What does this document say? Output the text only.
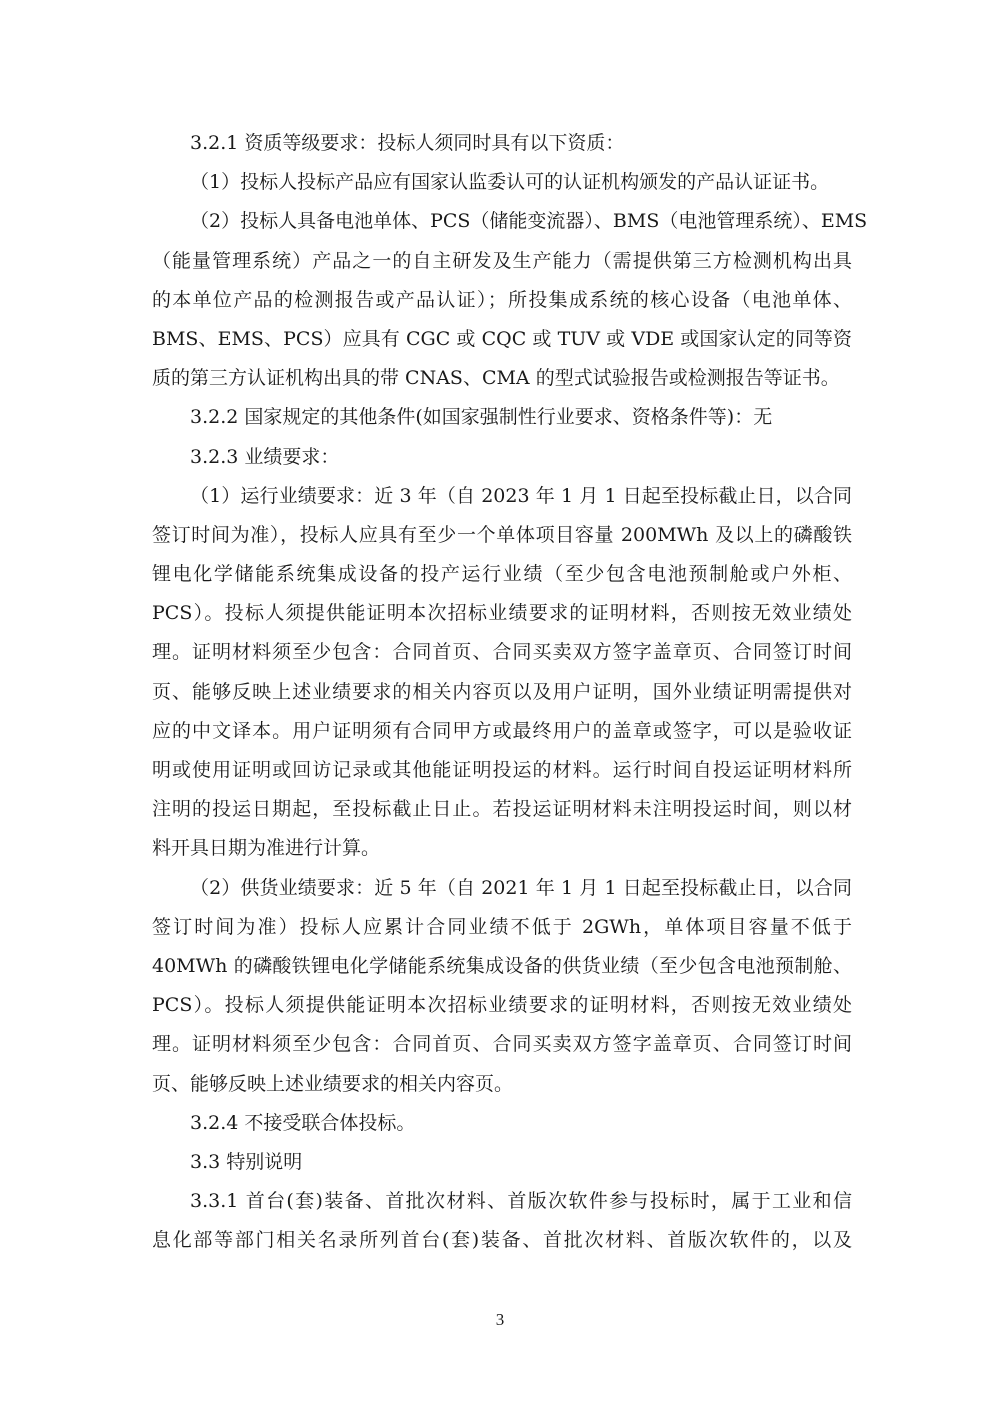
3.2.1 资质等级要求：投标人须同时具有以下资质：
（1）投标人投标产品应有国家认监委认可的认证机构颁发的产品认证证书。
（2）投标人具备电池单体、PCS（储能变流器）、BMS（电池管理系统）、EMS
（能量管理系统）产品之一的自主研发及生产能力（需提供第三方检测机构出具
的本单位产品的检测报告或产品认证）；所投集成系统的核心设备（电池单体、
BMS、EMS、PCS）应具有 CGC 或 CQC 或 TUV 或 VDE 或国家认定的同等资
质的第三方认证机构出具的带 CNAS、CMA 的型式试验报告或检测报告等证书。
3.2.2 国家规定的其他条件(如国家强制性行业要求、资格条件等)：无
3.2.3 业绩要求：
（1）运行业绩要求：近 3 年（自 2023 年 1 月 1 日起至投标截止日，以合同
签订时间为准），投标人应具有至少一个单体项目容量 200MWh 及以上的磷酸铁
锂电化学储能系统集成设备的投产运行业绩（至少包含电池预制舱或户外柜、
PCS）。投标人须提供能证明本次招标业绩要求的证明材料，否则按无效业绩处
理。证明材料须至少包含：合同首页、合同买卖双方签字盖章页、合同签订时间
页、能够反映上述业绩要求的相关内容页以及用户证明，国外业绩证明需提供对
应的中文译本。用户证明须有合同甲方或最终用户的盖章或签字，可以是验收证
明或使用证明或回访记录或其他能证明投运的材料。运行时间自投运证明材料所
注明的投运日期起，至投标截止日止。若投运证明材料未注明投运时间，则以材
料开具日期为准进行计算。
（2）供货业绩要求：近 5 年（自 2021 年 1 月 1 日起至投标截止日，以合同
签订时间为准）投标人应累计合同业绩不低于 2GWh，单体项目容量不低于
40MWh 的磷酸铁锂电化学储能系统集成设备的供货业绩（至少包含电池预制舱、
PCS）。投标人须提供能证明本次招标业绩要求的证明材料，否则按无效业绩处
理。证明材料须至少包含：合同首页、合同买卖双方签字盖章页、合同签订时间
页、能够反映上述业绩要求的相关内容页。
3.2.4 不接受联合体投标。
3.3 特别说明
3.3.1 首台(套)装备、首批次材料、首版次软件参与投标时，属于工业和信
息化部等部门相关名录所列首台(套)装备、首批次材料、首版次软件的，以及
3
